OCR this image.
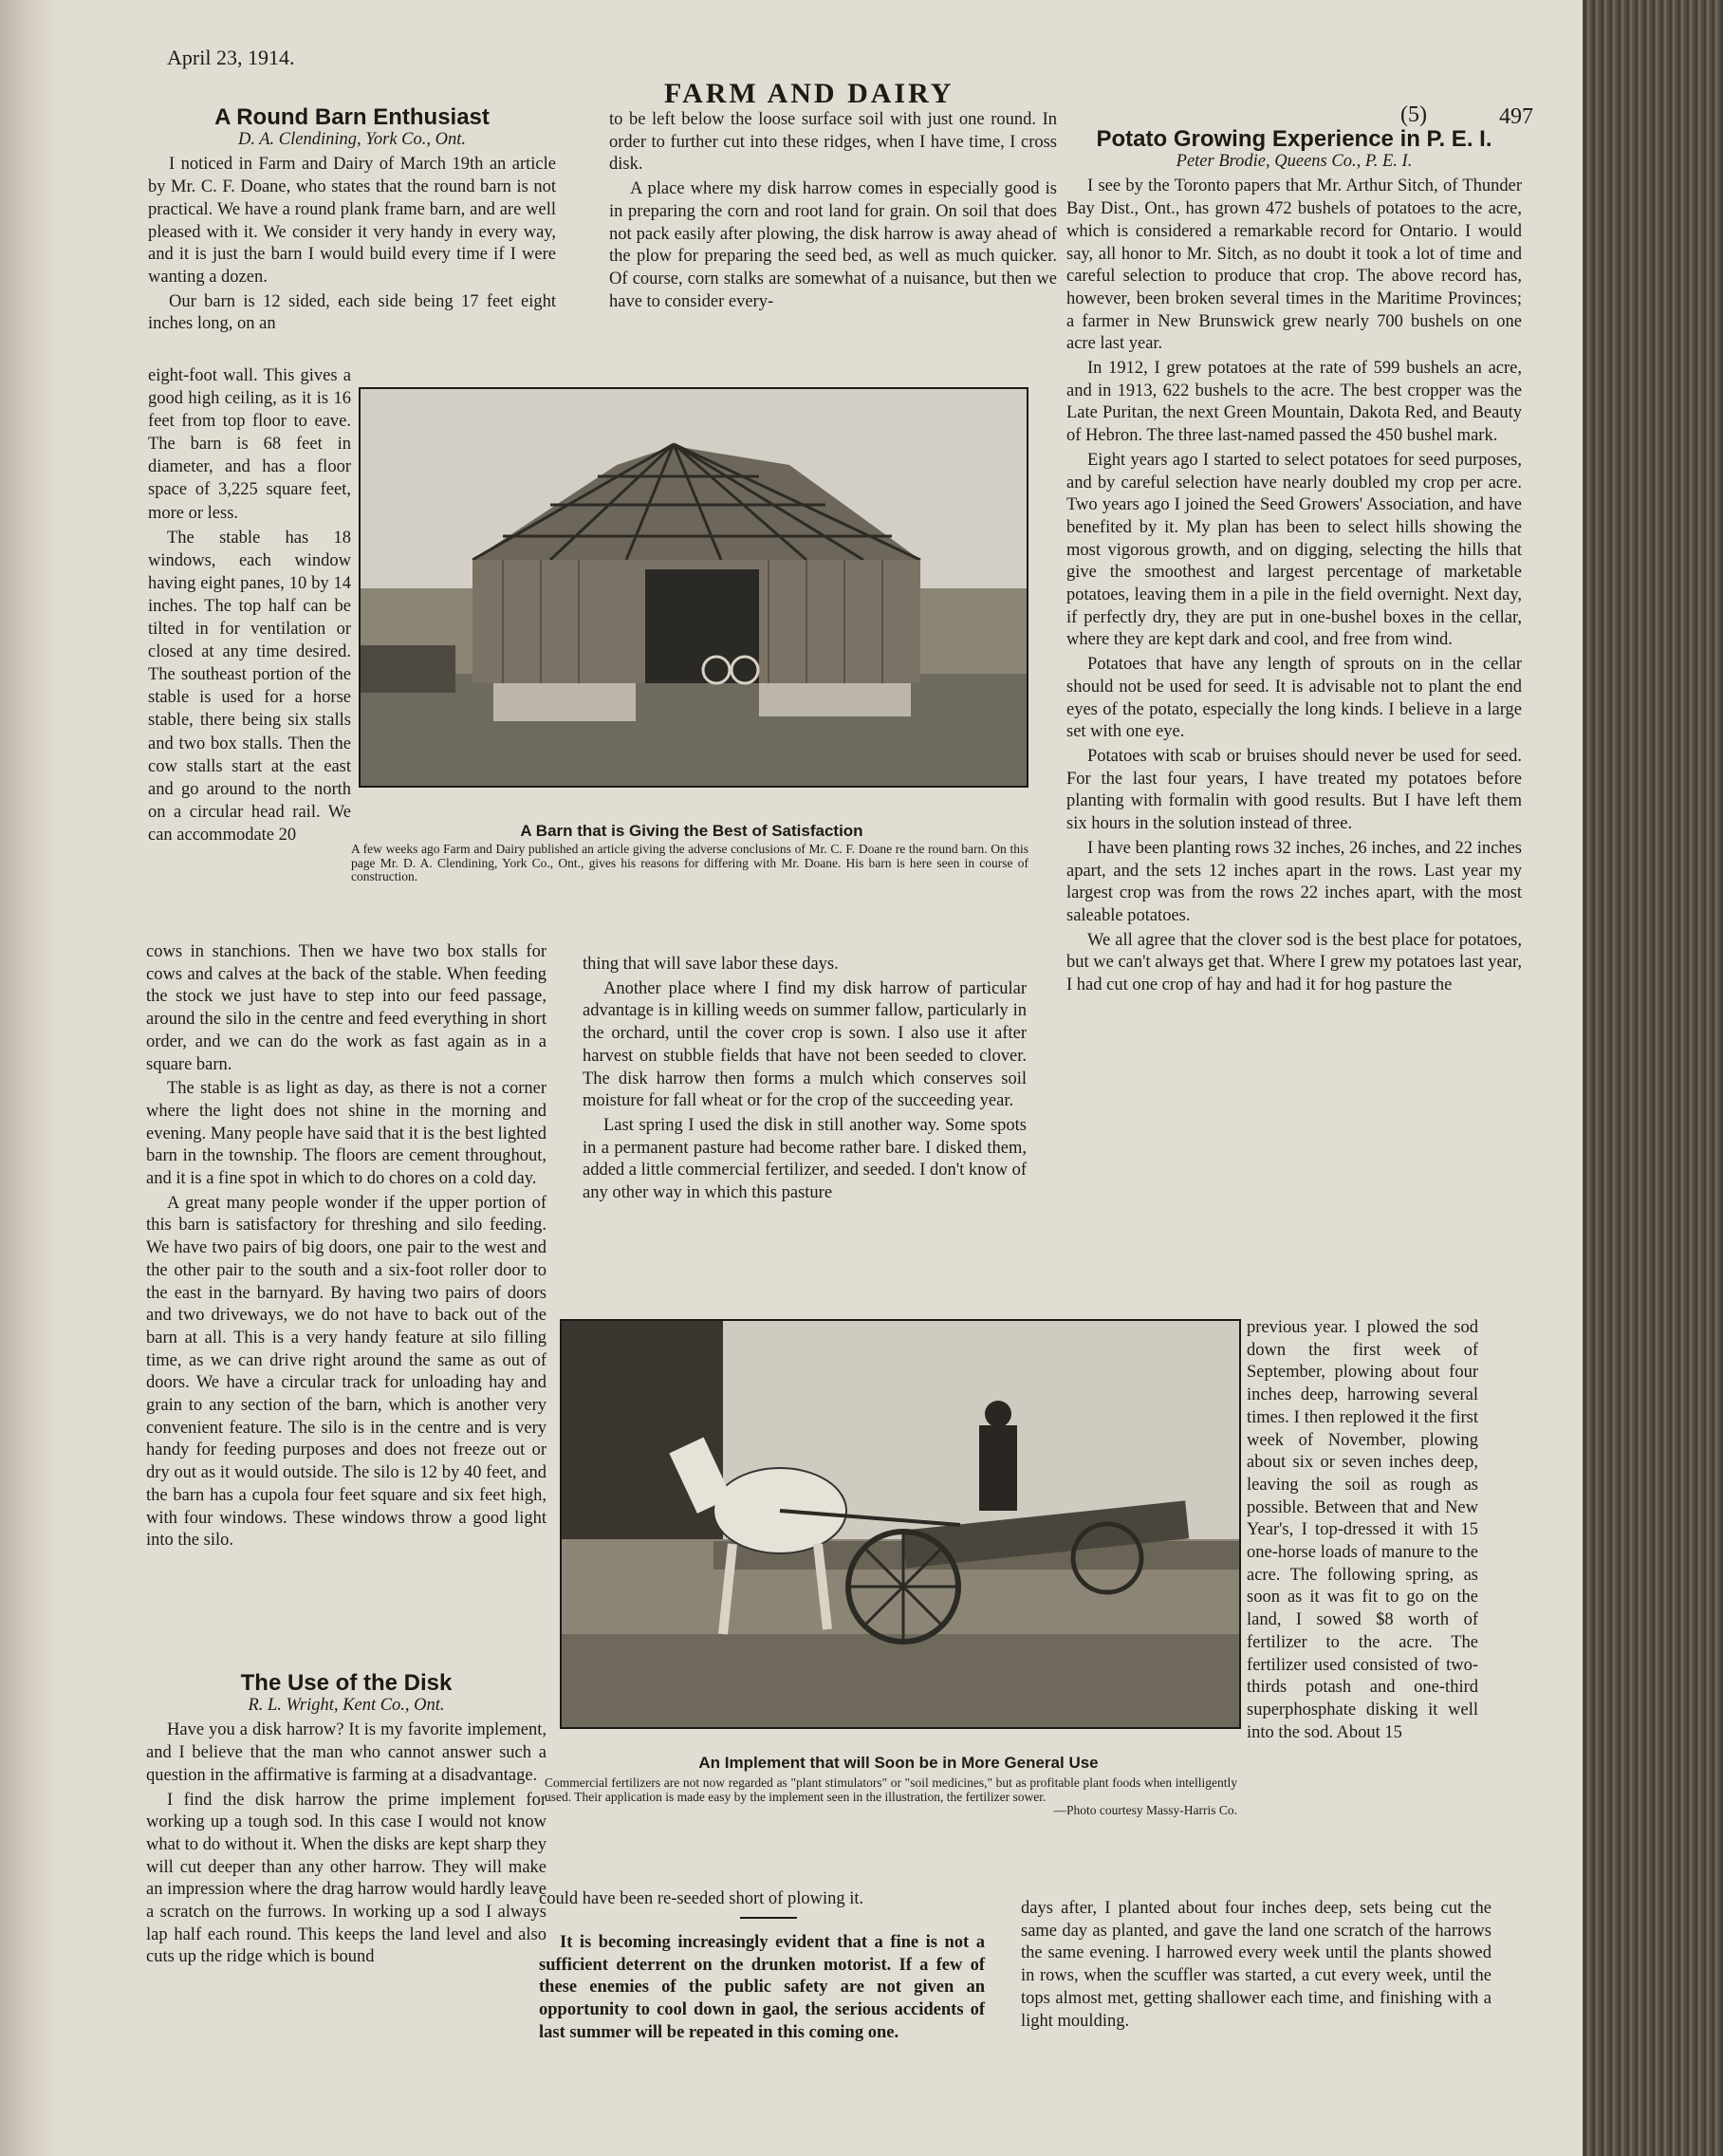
April 23, 1914.
FARM AND DAIRY
(5)	497
A Round Barn Enthusiast
D. A. Clendining, York Co., Ont.

I noticed in Farm and Dairy of March 19th an article by Mr. C. F. Doane, who states that the round barn is not practical. We have a round plank frame barn, and are well pleased with it. We consider it very handy in every way, and it is just the barn I would build every time if I were wanting a dozen.

Our barn is 12 sided, each side being 17 feet eight inches long, on an

eight-foot wall. This gives a good high ceiling, as it is 16 feet from top floor to eave. The barn is 68 feet in diameter, and has a floor space of 3,225 square feet, more or less.

The stable has 18 windows, each window having eight panes, 10 by 14 inches. The top half can be tilted in for ventilation or closed at any time desired. The southeast portion of the stable is used for a horse stable, there being six stalls and two box stalls. Then the cow stalls start at the east and go around to the north on a circular head rail. We can accommodate 20

cows in stanchions. Then we have two box stalls for cows and calves at the back of the stable. When feeding the stock we just have to step into our feed passage, around the silo in the centre and feed everything in short order, and we can do the work as fast again as in a square barn.

The stable is as light as day, as there is not a corner where the light does not shine in the morning and evening. Many people have said that it is the best lighted barn in the township. The floors are cement throughout, and it is a fine spot in which to do chores on a cold day.

A great many people wonder if the upper portion of this barn is satisfactory for threshing and silo feeding. We have two pairs of big doors, one pair to the west and the other pair to the south and a six-foot roller door to the east in the barnyard. By having two pairs of doors and two driveways, we do not have to back out of the barn at all. This is a very handy feature at silo filling time, as we can drive right around the same as out of doors. We have a circular track for unloading hay and grain to any section of the barn, which is another very convenient feature. The silo is in the centre and is very handy for feeding purposes and does not freeze out or dry out as it would outside. The silo is 12 by 40 feet, and the barn has a cupola four feet square and six feet high, with four windows. These windows throw a good light into the silo.

The Use of the Disk
R. L. Wright, Kent Co., Ont.

Have you a disk harrow? It is my favorite implement, and I believe that the man who cannot answer such a question in the affirmative is farming at a disadvantage.

I find the disk harrow the prime implement for working up a tough sod. In this case I would not know what to do without it. When the disks are kept sharp they will cut deeper than any other harrow. They will make an impression where the drag harrow would hardly leave a scratch on the furrows. In working up a sod I always lap half each round. This keeps the land level and also cuts up the ridge which is bound

to be left below the loose surface soil with just one round. In order to further cut into these ridges, when I have time, I cross disk.

A place where my disk harrow comes in especially good is in preparing the corn and root land for grain. On soil that does not pack easily after plowing, the disk harrow is away ahead of the plow for preparing the seed bed, as well as much quicker. Of course, corn stalks are somewhat of a nuisance, but then we have to consider every-

thing that will save labor these days.

Another place where I find my disk harrow of particular advantage is in killing weeds on summer fallow, particularly in the orchard, until the cover crop is sown. I also use it after harvest on stubble fields that have not been seeded to clover. The disk harrow then forms a mulch which conserves soil moisture for fall wheat or for the crop of the succeeding year.

Last spring I used the disk in still another way. Some spots in a permanent pasture had become rather bare. I disked them, added a little commercial fertilizer, and seeded. I don't know of any other way in which this pasture

could have been re-seeded short of plowing it.

It is becoming increasingly evident that a fine is not a sufficient deterrent on the drunken motorist. If a few of these enemies of the public safety are not given an opportunity to cool down in gaol, the serious accidents of last summer will be repeated in this coming one.

Potato Growing Experience in P. E. I.
Peter Brodie, Queens Co., P. E. I.

I see by the Toronto papers that Mr. Arthur Sitch, of Thunder Bay Dist., Ont., has grown 472 bushels of potatoes to the acre, which is considered a remarkable record for Ontario. I would say, all honor to Mr. Sitch, as no doubt it took a lot of time and careful selection to produce that crop. The above record has, however, been broken several times in the Maritime Provinces; a farmer in New Brunswick grew nearly 700 bushels on one acre last year.

In 1912, I grew potatoes at the rate of 599 bushels an acre, and in 1913, 622 bushels to the acre. The best cropper was the Late Puritan, the next Green Mountain, Dakota Red, and Beauty of Hebron. The three last-named passed the 450 bushel mark.

Eight years ago I started to select potatoes for seed purposes, and by careful selection have nearly doubled my crop per acre. Two years ago I joined the Seed Growers' Association, and have benefited by it. My plan has been to select hills showing the most vigorous growth, and on digging, selecting the hills that give the smoothest and largest percentage of marketable potatoes, leaving them in a pile in the field overnight. Next day, if perfectly dry, they are put in one-bushel boxes in the cellar, where they are kept dark and cool, and free from wind.

Potatoes that have any length of sprouts on in the cellar should not be used for seed. It is advisable not to plant the end eyes of the potato, especially the long kinds. I believe in a large set with one eye.

Potatoes with scab or bruises should never be used for seed. For the last four years, I have treated my potatoes before planting with formalin with good results. But I have left them six hours in the solution instead of three.

I have been planting rows 32 inches, 26 inches, and 22 inches apart, and the sets 12 inches apart in the rows. Last year my largest crop was from the rows 22 inches apart, with the most saleable potatoes.

We all agree that the clover sod is the best place for potatoes, but we can't always get that. Where I grew my potatoes last year, I had cut one crop of hay and had it for hog pasture the

previous year. I plowed the sod down the first week of September, plowing about four inches deep, harrowing several times. I then replowed it the first week of November, plowing about six or seven inches deep, leaving the soil as rough as possible. Between that and New Year's, I top-dressed it with 15 one-horse loads of manure to the acre. The following spring, as soon as it was fit to go on the land, I sowed $8 worth of fertilizer to the acre. The fertilizer used consisted of two-thirds potash and one-third superphosphate disking it well into the sod. About 15

days after, I planted about four inches deep, sets being cut the same day as planted, and gave the land one scratch of the harrows the same evening. I harrowed every week until the plants showed in rows, when the scuffler was started, a cut every week, until the tops almost met, getting shallower each time, and finishing with a light moulding.

A Barn that is Giving the Best of Satisfaction
A few weeks ago Farm and Dairy published an article giving the adverse conclusions of Mr. C. F. Doane re the round barn. On this page Mr. D. A. Clendining, York Co., Ont., gives his reasons for differing with Mr. Doane. His barn is here seen in course of construction.
An Implement that will Soon be in More General Use
Commercial fertilizers are not now regarded as "plant stimulators" or "soil medicines," but as profitable plant foods when intelligently used. Their application is made easy by the implement seen in the illustration, the fertilizer sower.
—Photo courtesy Massy-Harris Co.
